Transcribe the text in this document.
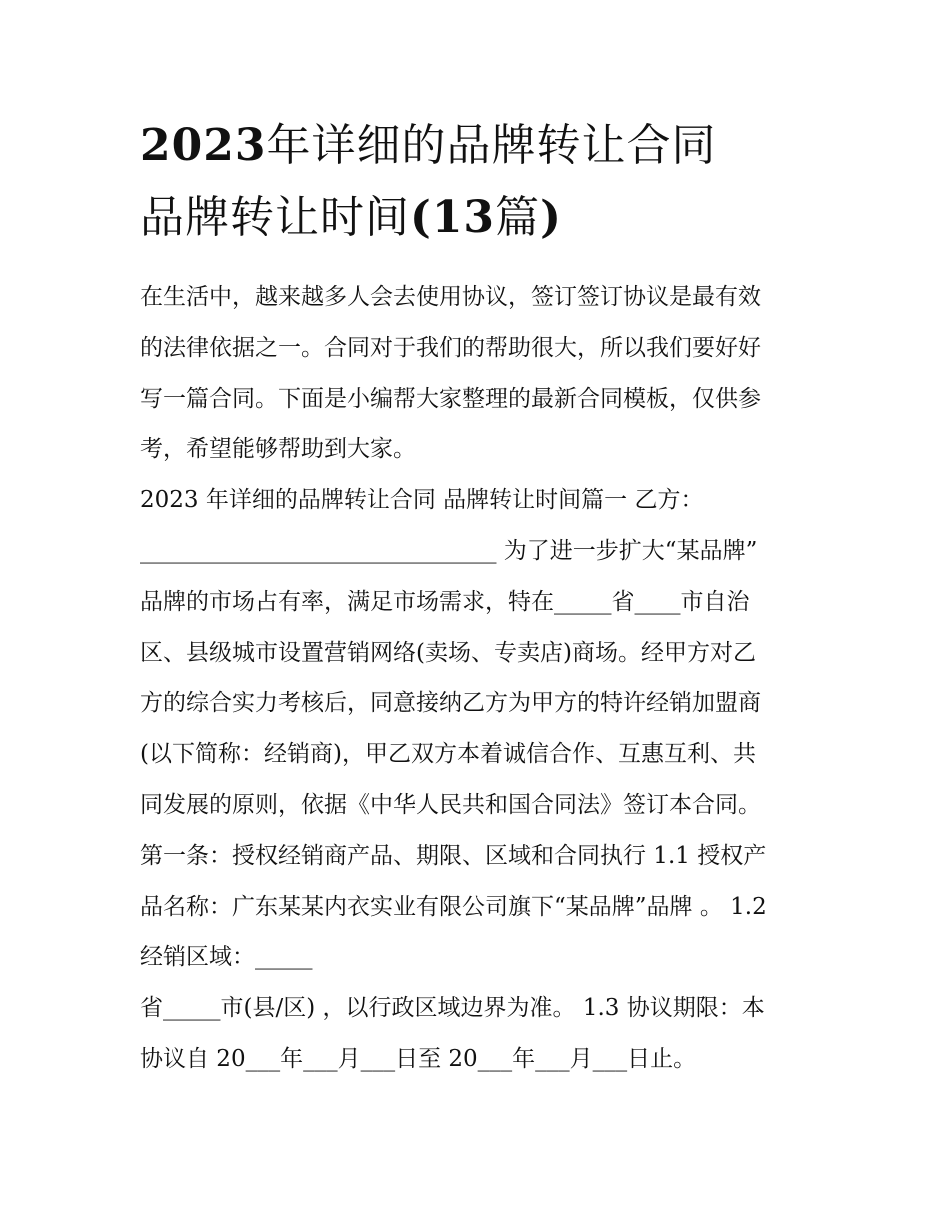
2023年详细的品牌转让合同
品牌转让时间(13篇)

在生活中，越来越多人会去使用协议，签订签订协议是最有效
的法律依据之一。合同对于我们的帮助很大，所以我们要好好
写一篇合同。下面是小编帮大家整理的最新合同模板，仅供参
考，希望能够帮助到大家。

2023 年详细的品牌转让合同 品牌转让时间篇一 乙方：
_______________________________ 为了进一步扩大“某品牌”
品牌的市场占有率，满足市场需求，特在_____省____市自治
区、县级城市设置营销网络(卖场、专卖店)商场。经甲方对乙
方的综合实力考核后，同意接纳乙方为甲方的特许经销加盟商
(以下简称：经销商)，甲乙双方本着诚信合作、互惠互利、共
同发展的原则，依据《中华人民共和国合同法》签订本合同。
第一条：授权经销商产品、期限、区域和合同执行 1.1 授权产
品名称：广东某某内衣实业有限公司旗下“某品牌”品牌 。 1.2
经销区域：_____

省_____市(县/区) ，以行政区域边界为准。 1.3 协议期限：本
协议自 20___年___月___日至 20___年___月___日止。
